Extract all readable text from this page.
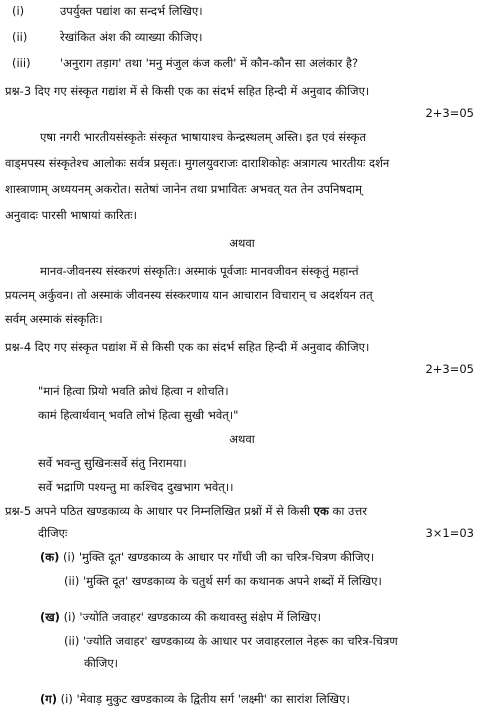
(i)	उपर्युक्त पद्यांश का सन्दर्भ लिखिए।
(ii)	रेखांकित अंश की व्याख्या कीजिए।
(iii)	'अनुराग तड़ाग' तथा 'मनु मंजुल कंज कली' में कौन-कौन सा अलंकार है?
प्रश्न-3 दिए गए संस्कृत गद्यांश में से किसी एक का संदर्भ सहित हिन्दी में अनुवाद कीजिए।
2+3=05
एषा नगरी भारतीयसंस्कृतेः संस्कृत भाषायाश्च केन्द्रस्थलम् अस्ति। इत एवं संस्कृत
वाड्मपस्य संस्कृतेश्च आलोकः सर्वत्र प्रसृतः। मुगलयुवराजः दाराशिकोहः अत्रागत्य भारतीयः दर्शन
शास्त्राणाम् अध्ययनम् अकरोत। सतेषां जानेन तथा प्रभावितः अभवत् यत तेन उपनिषदाम्
अनुवादः पारसी भाषायां कारितः।
अथवा
मानव-जीवनस्य संस्करणं संस्कृतिः। अस्माकं पूर्वजाः मानवजीवन संस्कृतुं महान्तं
प्रयत्नम् अर्कुवन। तो अस्माकं जीवनस्य संस्करणाय यान आचारान विचारान् च अदर्शयन तत्
सर्वम् अस्माकं संस्कृतिः।
प्रश्न-4 दिए गए संस्कृत पद्यांश में से किसी एक का संदर्भ सहित हिन्दी में अनुवाद कीजिए।
2+3=05
"मानं हित्वा प्रियो भवति क्रोधं हित्वा न शोचति।
कामं हित्वार्थवान् भवति लोभं हित्वा सुखी भवेत्।"
अथवा
सर्वे भवन्तु सुखिनःसर्वे संतु निरामया।
सर्वे भद्राणि पश्यन्तु मा कश्चिद दुखभाग भवेत्।।
प्रश्न-5 अपने पठित खण्डकाव्य के आधार पर निम्नलिखित प्रश्नों में से किसी एक का उत्तर
दीजिएः	3×1=03
(क) (i) 'मुक्ति दूत' खण्डकाव्य के आधार पर गाँधी जी का चरित्र-चित्रण कीजिए।
(ii) 'मुक्ति दूत' खण्डकाव्य के चतुर्थ सर्ग का कथानक अपने शब्दों में लिखिए।
(ख) (i) 'ज्योति जवाहर' खण्डकाव्य की कथावस्तु संक्षेप में लिखिए।
(ii) 'ज्योति जवाहर' खण्डकाव्य के आधार पर जवाहरलाल नेहरू का चरित्र-चित्रण
कीजिए।
(ग) (i) 'मेवाड़ मुकुट खण्डकाव्य के द्वितीय सर्ग 'लक्ष्मी' का सारांश लिखिए।
